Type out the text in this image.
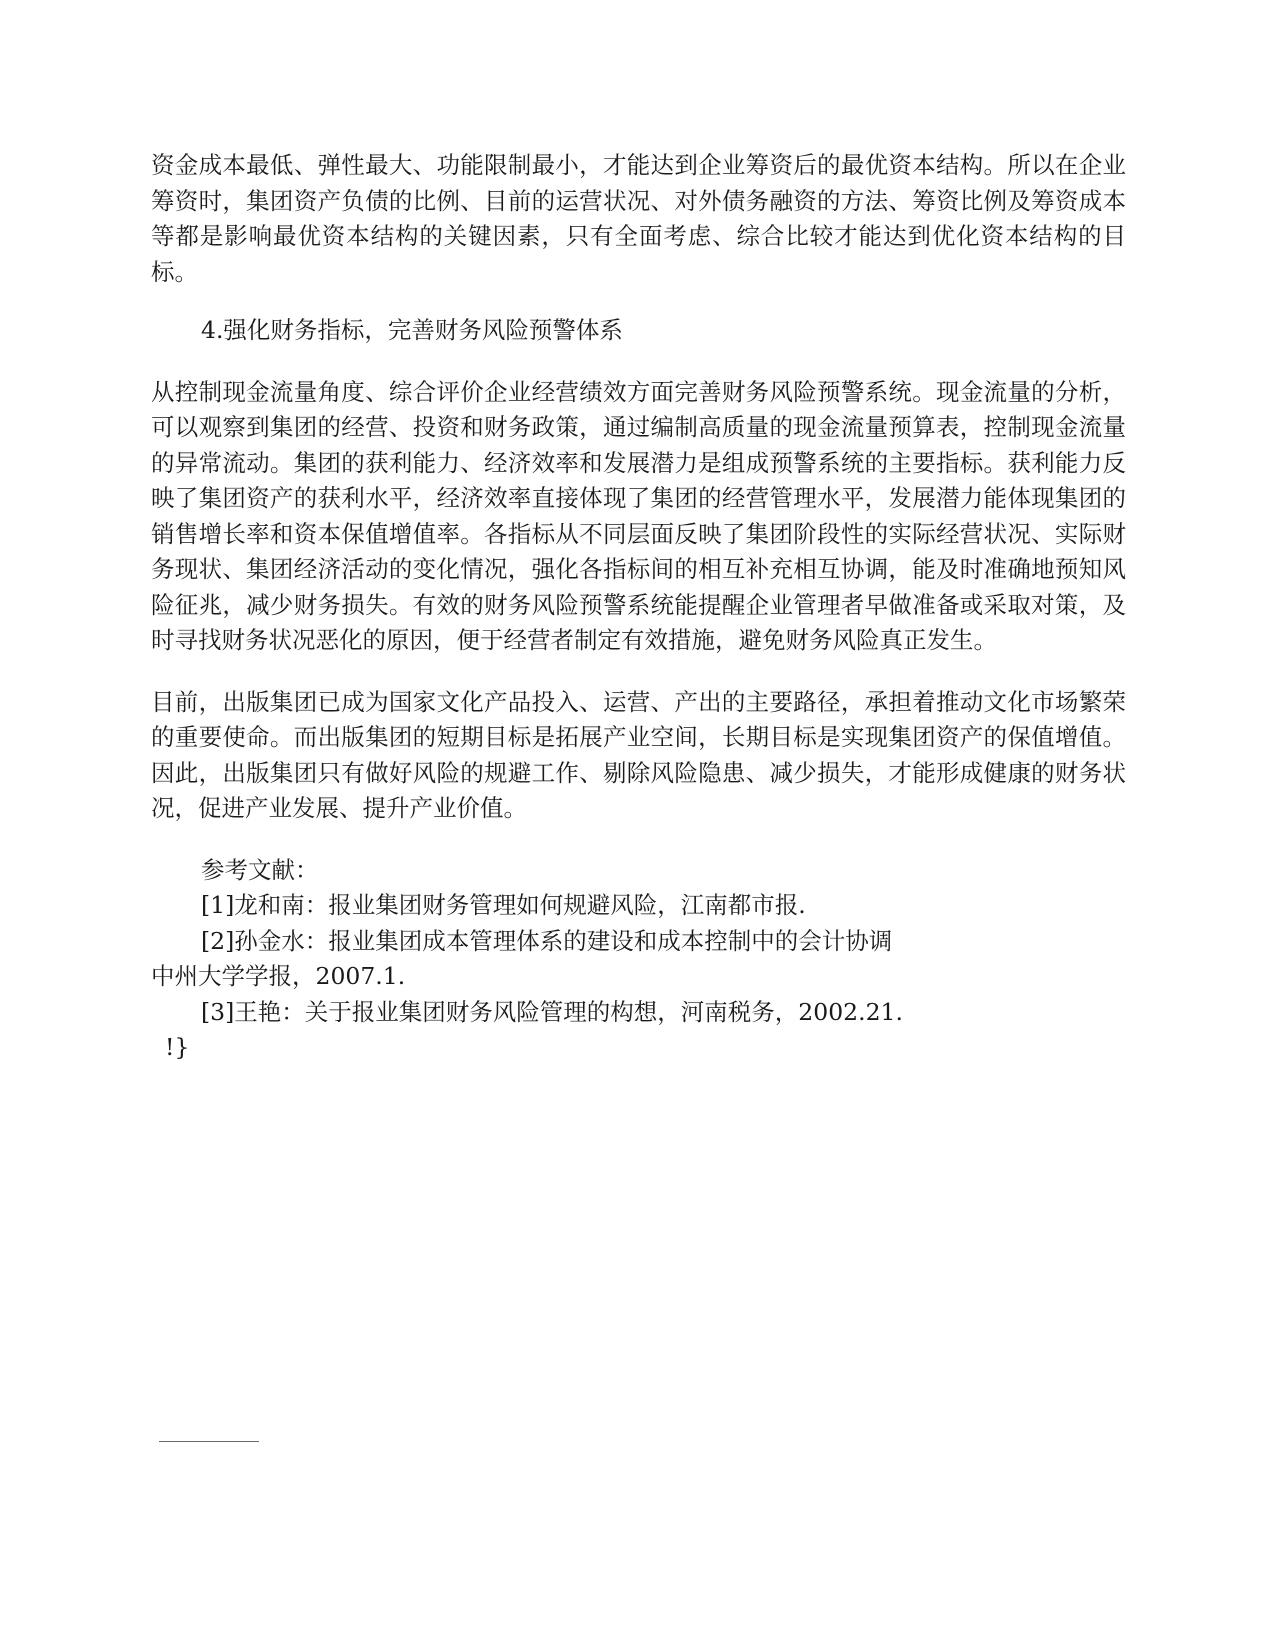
资金成本最低、弹性最大、功能限制最小，才能达到企业筹资后的最优资本结构。所以在企业筹资时，集团资产负债的比例、目前的运营状况、对外债务融资的方法、筹资比例及筹资成本等都是影响最优资本结构的关键因素，只有全面考虑、综合比较才能达到优化资本结构的目标。

4.强化财务指标，完善财务风险预警体系

从控制现金流量角度、综合评价企业经营绩效方面完善财务风险预警系统。现金流量的分析，可以观察到集团的经营、投资和财务政策，通过编制高质量的现金流量预算表，控制现金流量的异常流动。集团的获利能力、经济效率和发展潜力是组成预警系统的主要指标。获利能力反映了集团资产的获利水平，经济效率直接体现了集团的经营管理水平，发展潜力能体现集团的销售增长率和资本保值增值率。各指标从不同层面反映了集团阶段性的实际经营状况、实际财务现状、集团经济活动的变化情况，强化各指标间的相互补充相互协调，能及时准确地预知风险征兆，减少财务损失。有效的财务风险预警系统能提醒企业管理者早做准备或采取对策，及时寻找财务状况恶化的原因，便于经营者制定有效措施，避免财务风险真正发生。

目前，出版集团已成为国家文化产品投入、运营、产出的主要路径，承担着推动文化市场繁荣的重要使命。而出版集团的短期目标是拓展产业空间，长期目标是实现集团资产的保值增值。因此，出版集团只有做好风险的规避工作、剔除风险隐患、减少损失，才能形成健康的财务状况，促进产业发展、提升产业价值。

参考文献：

[1]龙和南：报业集团财务管理如何规避风险，江南都市报.

[2]孙金水：报业集团成本管理体系的建设和成本控制中的会计协调

中州大学学报，2007.1.

[3]王艳：关于报业集团财务风险管理的构想，河南税务，2002.21.

!}
